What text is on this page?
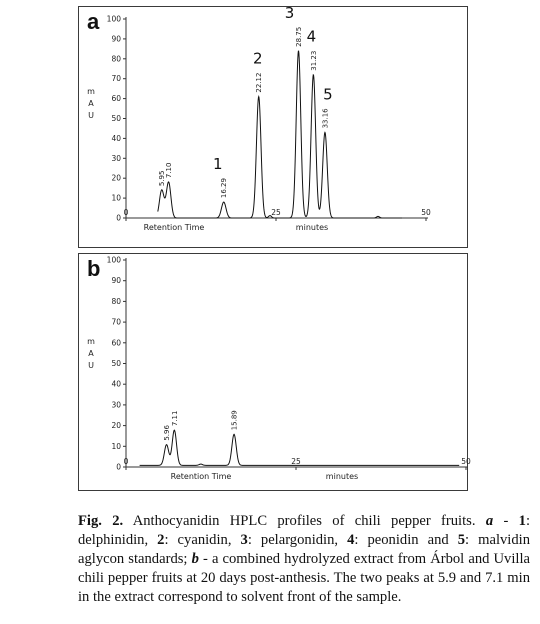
a
0
10
20
30
40
50
60
70
80
90
100
0	25	50
Retention Time	minutes
m A U
5.95
7.10
16.29
1
22.12
2
28.75
3
31.23
4
33.16
5
b
0
10
20
30
40
50
60
70
80
90
100
0	25	50
Retention Time	minutes
m A U
5.96
7.11	15.89
Fig. 2. Anthocyanidin HPLC profiles of chili pepper fruits. a - 1: delphinidin, 2: cyanidin, 3: pelargonidin, 4: peonidin and 5: malvidin aglycon standards; b - a combined hydrolyzed extract from Árbol and Uvilla chili pepper fruits at 20 days post-anthesis. The two peaks at 5.9 and 7.1 min in the extract correspond to solvent front of the sample.
